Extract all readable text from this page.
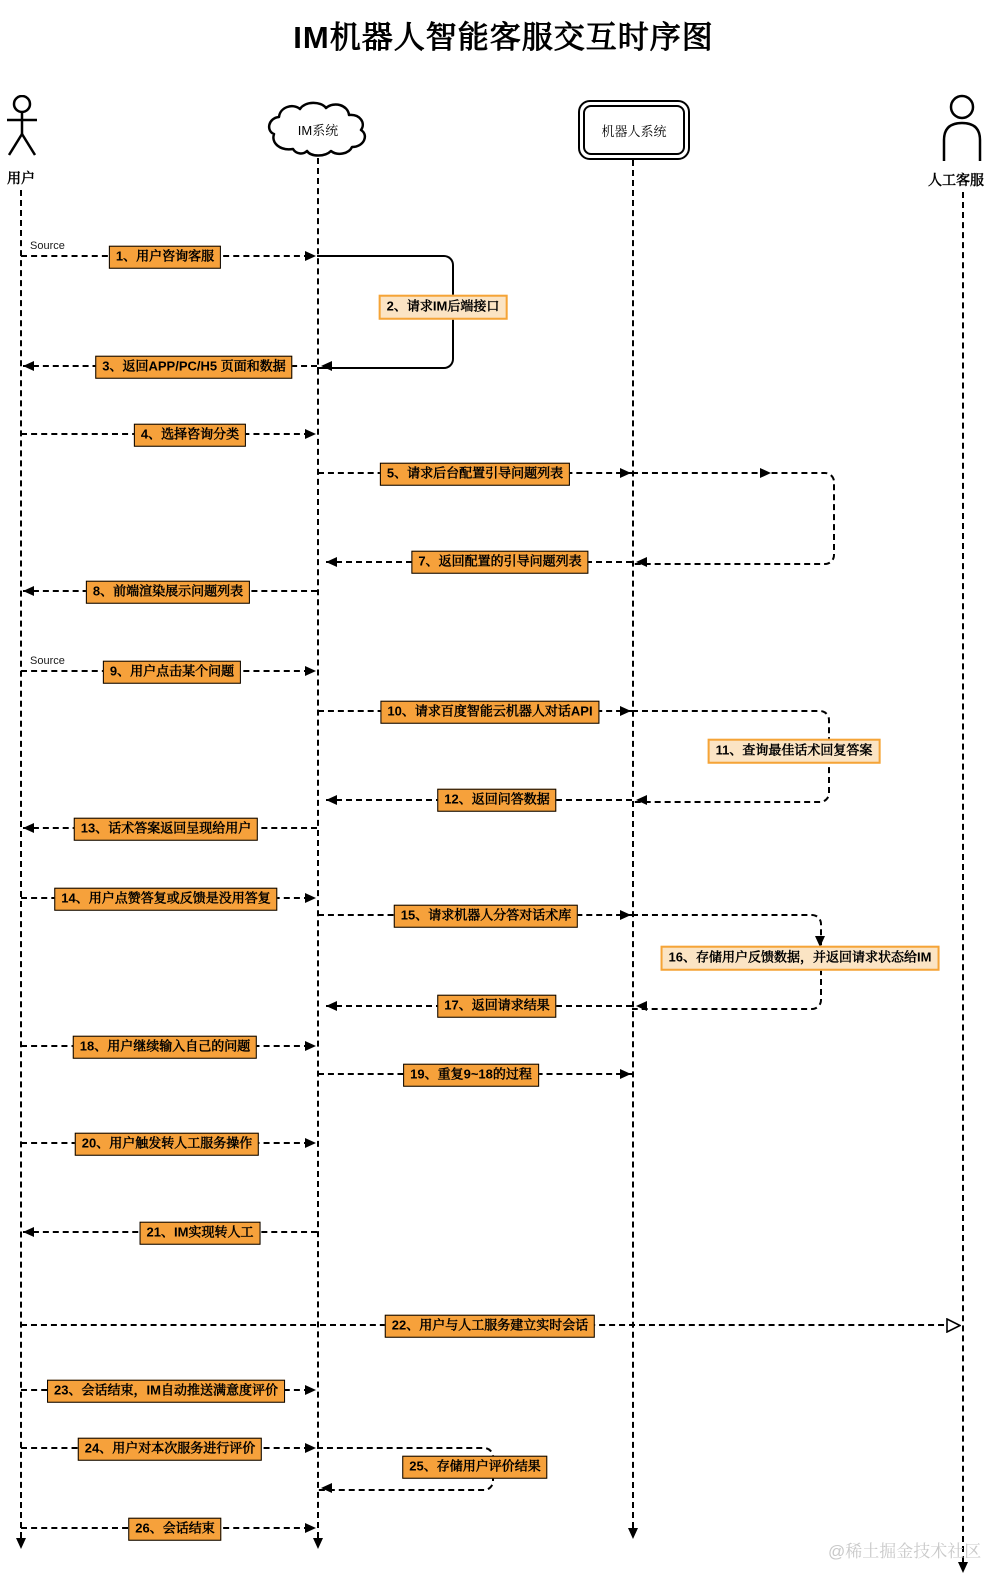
IM机器人智能客服交互时序图
用户
IM系统	机器人系统
人工客服
Source
1、用户咨询客服
2、请求IM后端接口
3、返回APP/PC/H5 页面和数据
4、选择咨询分类
5、请求后台配置引导问题列表
7、返回配置的引导问题列表
8、前端渲染展示问题列表
Source
9、用户点击某个问题
10、请求百度智能云机器人对话API
11、查询最佳话术回复答案
12、返回问答数据
13、话术答案返回呈现给用户
14、用户点赞答复或反馈是没用答复
15、请求机器人分答对话术库
16、存储用户反馈数据，并返回请求状态给IM
17、返回请求结果
18、用户继续输入自己的问题
19、重复9~18的过程
20、用户触发转人工服务操作
21、IM实现转人工
22、用户与人工服务建立实时会话
23、会话结束，IM自动推送满意度评价
24、用户对本次服务进行评价
25、存储用户评价结果
26、会话结束
@稀土掘金技术社区
